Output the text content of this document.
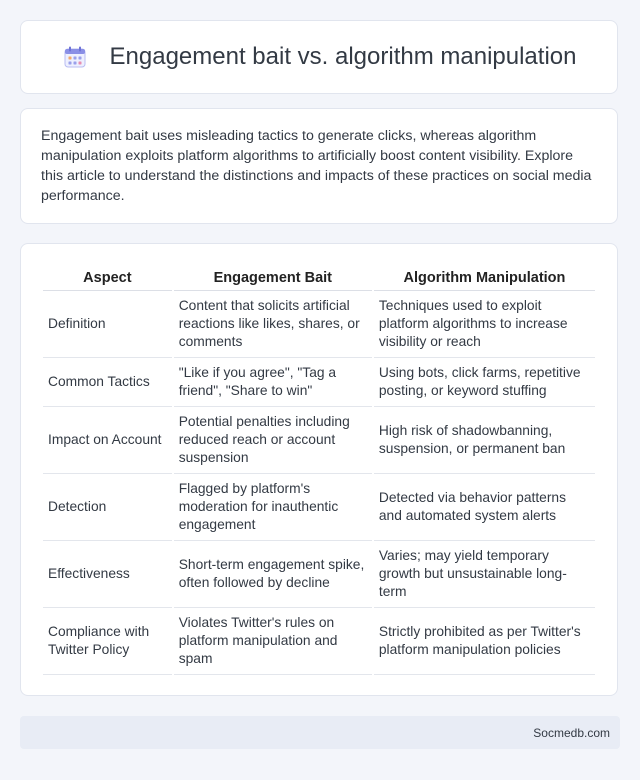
Engagement bait vs. algorithm manipulation

Engagement bait uses misleading tactics to generate clicks, whereas algorithm manipulation exploits platform algorithms to artificially boost content visibility. Explore this article to understand the distinctions and impacts of these practices on social media performance.

Aspect	Engagement Bait	Algorithm Manipulation
Definition	Content that solicits artificial reactions like likes, shares, or comments	Techniques used to exploit platform algorithms to increase visibility or reach
Common Tactics	"Like if you agree", "Tag a friend", "Share to win"	Using bots, click farms, repetitive posting, or keyword stuffing
Impact on Account	Potential penalties including reduced reach or account suspension	High risk of shadowbanning, suspension, or permanent ban
Detection	Flagged by platform's moderation for inauthentic engagement	Detected via behavior patterns and automated system alerts
Effectiveness	Short-term engagement spike, often followed by decline	Varies; may yield temporary growth but unsustainable long-term
Compliance with Twitter Policy	Violates Twitter's rules on platform manipulation and spam	Strictly prohibited as per Twitter's platform manipulation policies
Socmedb.com
